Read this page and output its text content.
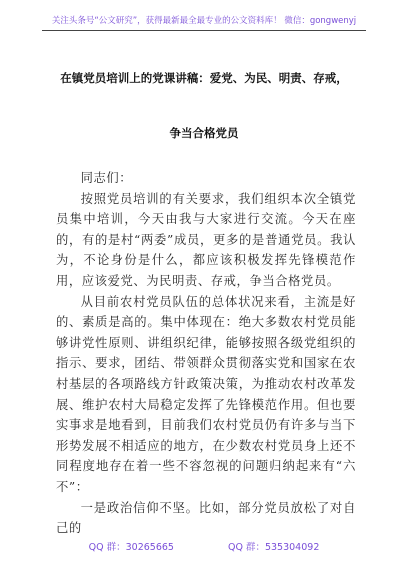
关注头条号“公文研究”，获得最新最全最专业的公文资料库！ 微信：gongwenyj
在镇党员培训上的党课讲稿：爱党、为民、明责、存戒，
争当合格党员

同志们：

按照党员培训的有关要求，我们组织本次全镇党员集中培训，今天由我与大家进行交流。今天在座的，有的是村“两委”成员，更多的是普通党员。我认为，不论身份是什么，都应该积极发挥先锋模范作用，应该爱党、为民明责、存戒，争当合格党员。

从目前农村党员队伍的总体状况来看，主流是好的、素质是高的。集中体现在：绝大多数农村党员能够讲党性原则、讲组织纪律，能够按照各级党组织的指示、要求，团结、带领群众贯彻落实党和国家在农村基层的各项路线方针政策决策，为推动农村改革发展、维护农村大局稳定发挥了先锋模范作用。但也要实事求是地看到，目前我们农村党员仍有许多与当下形势发展不相适应的地方，在少数农村党员身上还不同程度地存在着一些不容忽视的问题归纳起来有“六不”：

一是政治信仰不坚。比如，部分党员放松了对自己的

QQ 群：30265665	QQ 群：535304092
